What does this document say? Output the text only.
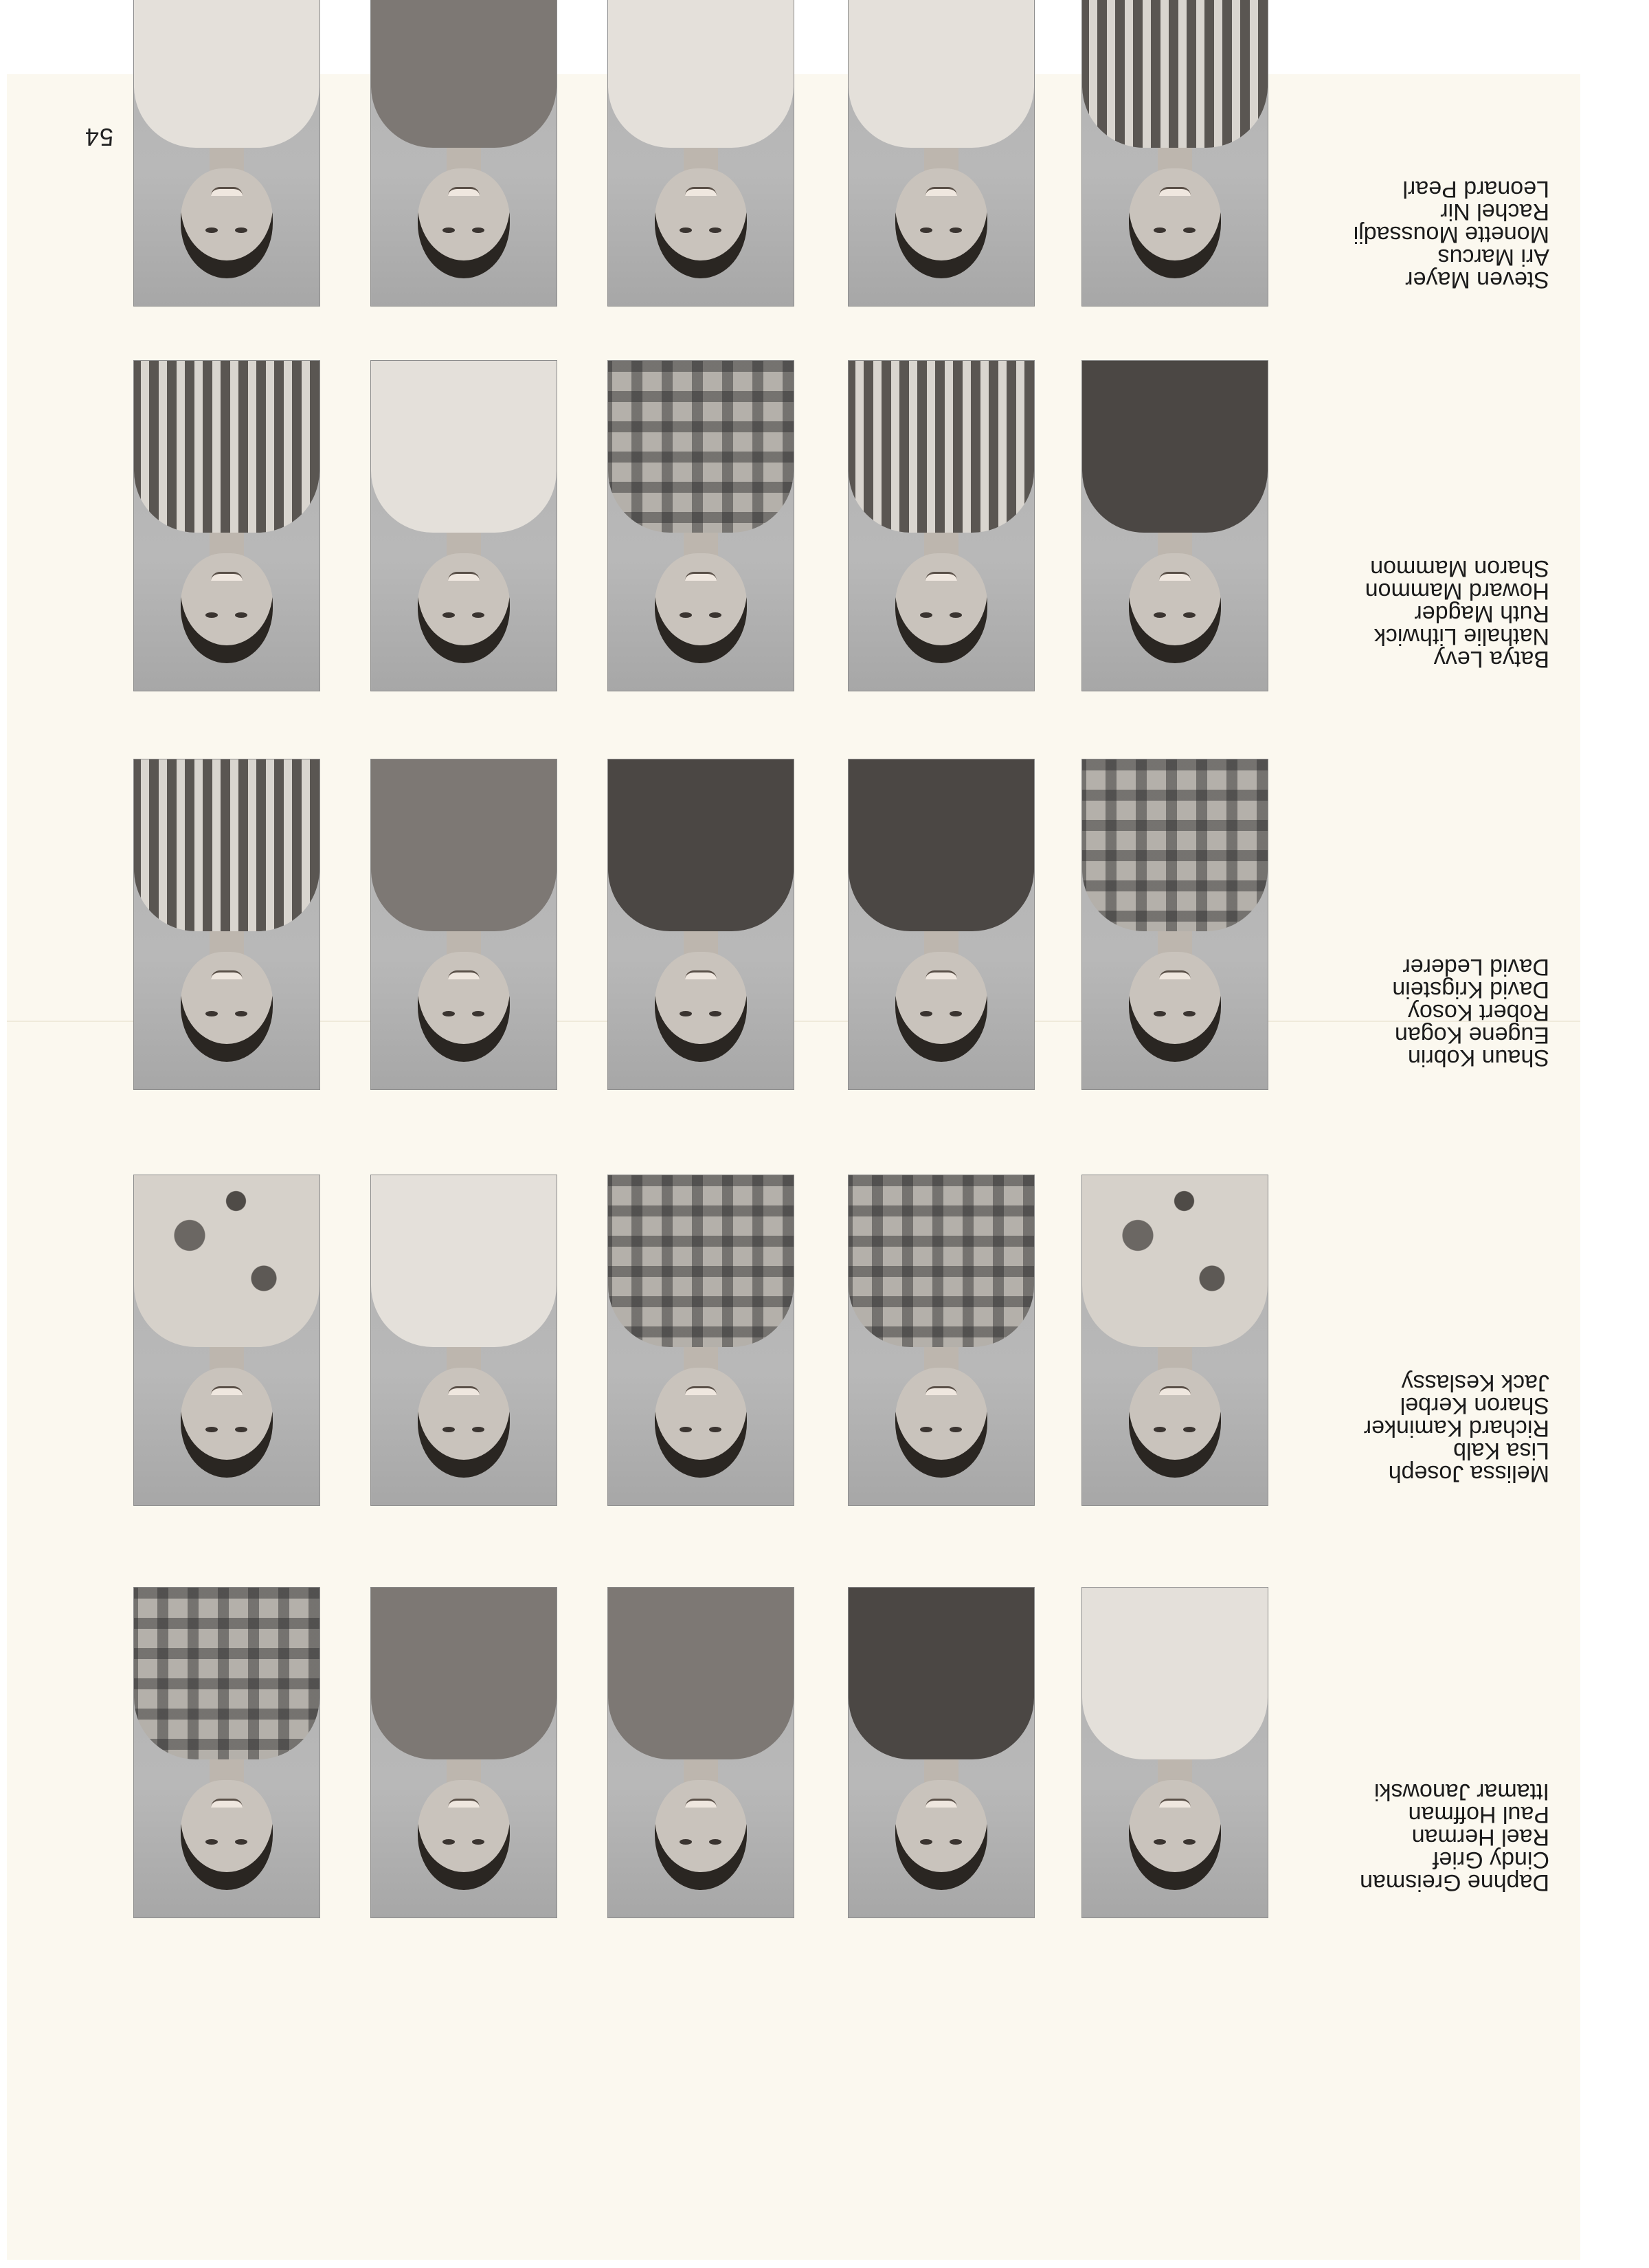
54
Daphne Greisman
Cindy Grief
Rael Herman
Paul Hoffman
Ittamar Janowski
Melissa Joseph
Lisa Kalb
Richard Kaminker
Sharon Kerbel
Jack Keslassy
Shaun Kobrin
Eugene Kogan
Robert Kosoy
David Krigstein
David Lederer
Batya Levy
Nathalie Lithwick
Ruth Magder
Howard Mammon
Sharon Mammon
Steven Mayer
Ari Marcus
Monette Moussadji
Rachel Nir
Leonard Pearl
